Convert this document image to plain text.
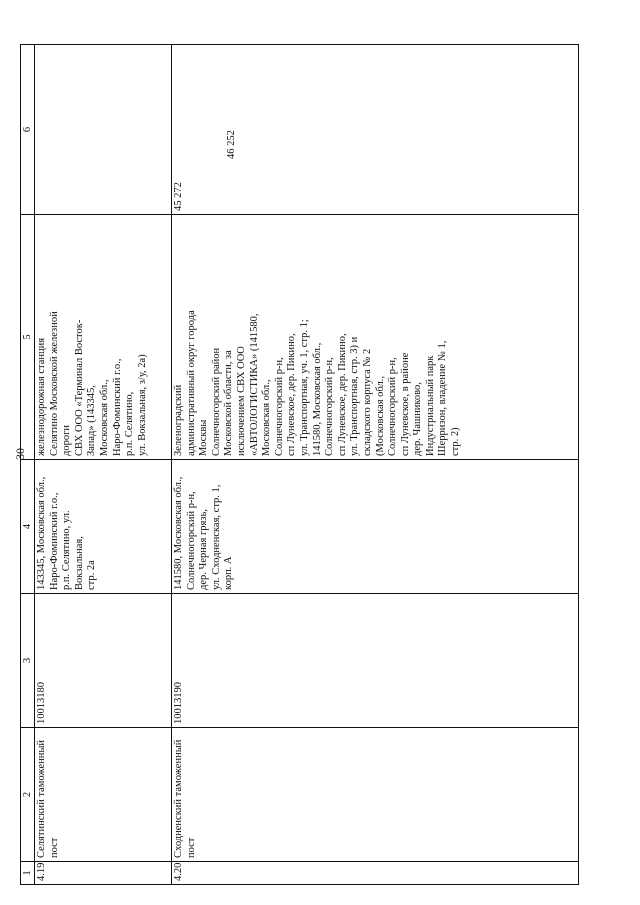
30
1
2
3
4
5
6
4.19
Селятинский таможенный пост
10013180
143345, Московская обл.,
Наро-Фоминский г.о.,
р.п. Селятино, ул. Вокзальная,
стр. 2а
железнодорожная станция
Селятино Московской железной
дороги
СВХ ООО «Терминал Восток-
Запад» (143345,
Московская обл.,
Наро-Фоминский г.о.,
р.п. Селятино,
ул. Вокзальная, з/у, 2а)
4.20
Сходненский таможенный пост
10013190
141580, Московская обл.,
Солнечногорский р-н,
дер. Черная грязь,
ул. Сходненская, стр. 1,
корп. А
Зеленоградский
административный округ города
Москвы
Солнечногорский район
Московской области, за
исключением СВХ ООО
«АВТОЛОГИСТИКА» (141580,
Московская обл.,
Солнечногорский р-н,
сп Луневское, дер. Пикино,
ул. Транспортная, уч. 1, стр. 1;
141580, Московская обл.,
Солнечногорский р-н,
сп Луневское, дер. Пикино,
ул. Транспортная, стр. 3) и
складского корпуса № 2
(Московская обл.,
Солнечногорский р-н,
сп Луневское, в районе
дер. Чашниково,
Индустриальный парк
Шерризон, владение № 1,
стр. 2)

45 272

46 252
